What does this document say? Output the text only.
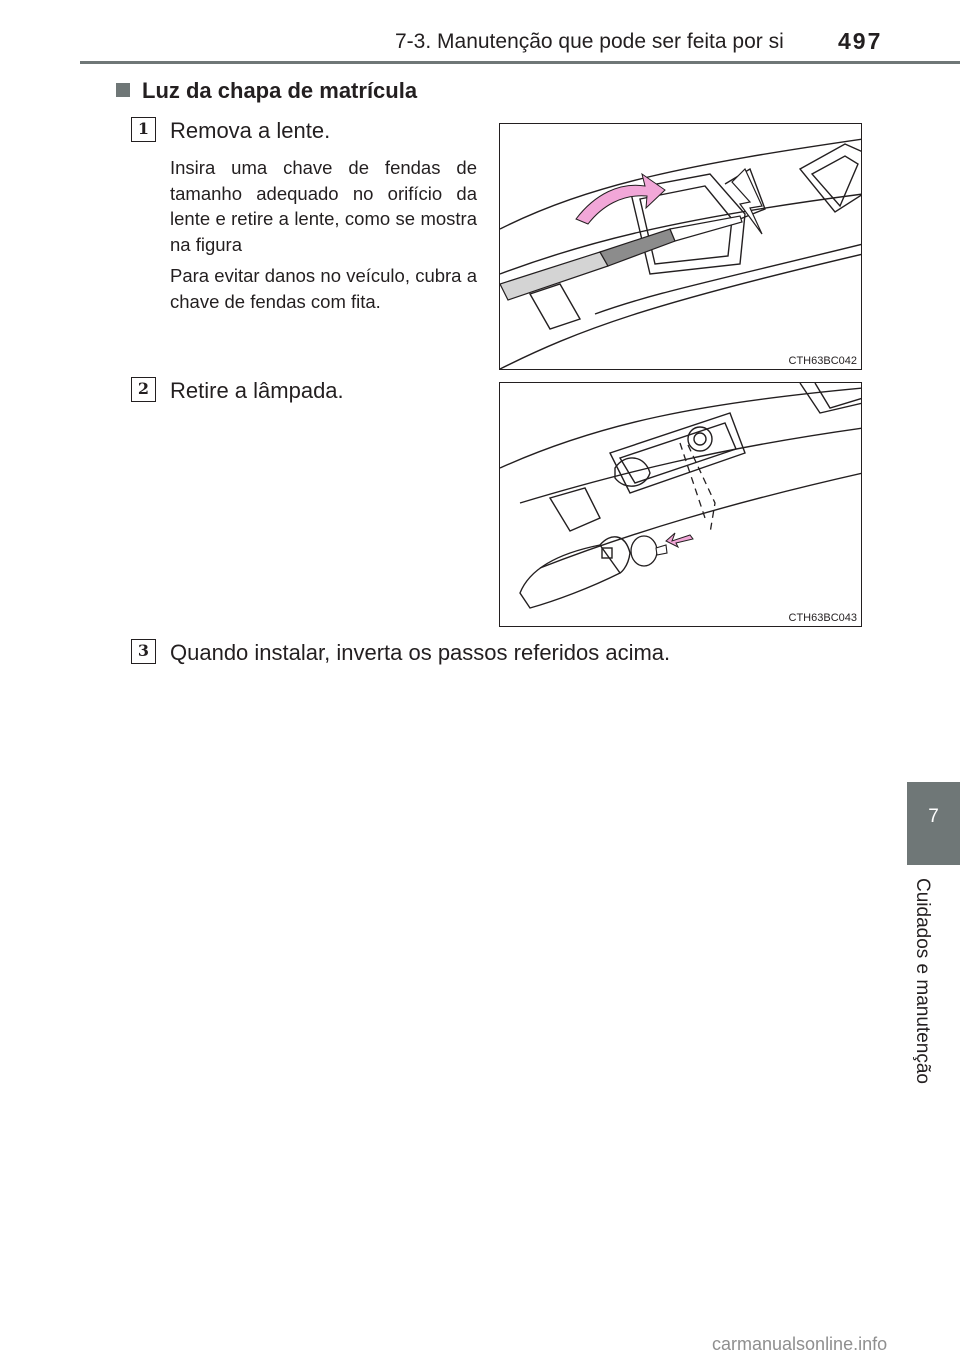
7-3. Manutenção que pode ser feita por si 497
Luz da chapa de matrícula
1 Remova a lente.
Insira uma chave de fendas de tamanho adequado no orifício da lente e retire a lente, como se mostra na figura
Para evitar danos no veículo, cubra a chave de fendas com fita.
CTH63BC042
2 Retire a lâmpada.
CTH63BC043
3 Quando instalar, inverta os passos referidos acima.
7
Cuidados e manutenção
carmanualsonline.info
